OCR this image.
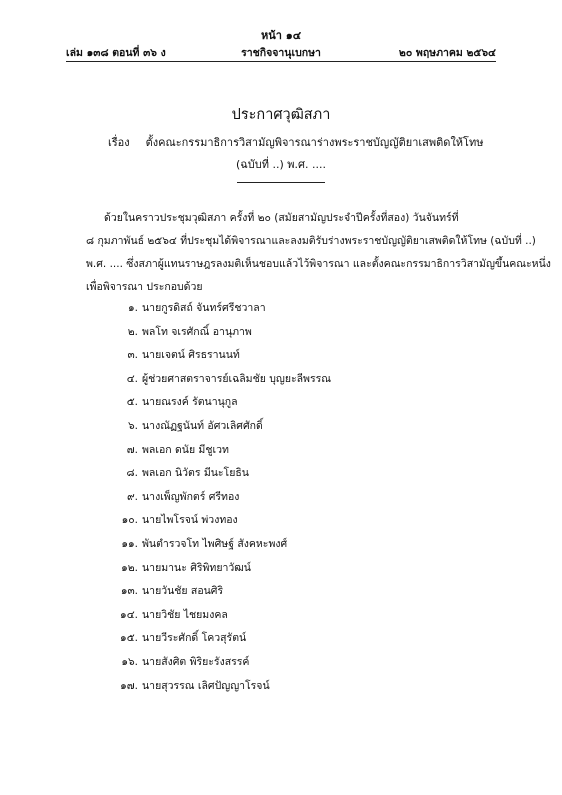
หน้า ๑๔
ราชกิจจานุเบกษา
เล่ม ๑๓๘ ตอนที่ ๓๖ ง	๒๐ พฤษภาคม ๒๕๖๔
ประกาศวุฒิสภา
เรื่อง ตั้งคณะกรรมาธิการวิสามัญพิจารณาร่างพระราชบัญญัติยาเสพติดให้โทษ
(ฉบับที่ ..) พ.ศ. ....
ด้วยในคราวประชุมวุฒิสภา ครั้งที่ ๒๐ (สมัยสามัญประจำปีครั้งที่สอง) วันจันทร์ที่
๘ กุมภาพันธ์ ๒๕๖๔ ที่ประชุมได้พิจารณาและลงมติรับร่างพระราชบัญญัติยาเสพติดให้โทษ (ฉบับที่ ..)
พ.ศ. .... ซึ่งสภาผู้แทนราษฎรลงมติเห็นชอบแล้วไว้พิจารณา และตั้งคณะกรรมาธิการวิสามัญขึ้นคณะหนึ่ง
เพื่อพิจารณา ประกอบด้วย
๑. นายกูรดิสถ์ จันทร์ศรีชวาลา
๒. พลโท จเรศักณิ์ อานุภาพ
๓. นายเจตน์ ศิรธรานนท์
๔. ผู้ช่วยศาสตราจารย์เฉลิมชัย บุญยะลีพรรณ
๕. นายณรงค์ รัตนานุกูล
๖. นางณัฏฐนันท์ อัศวเลิศศักดิ์
๗. พลเอก ดนัย มีชูเวท
๘. พลเอก นิวัตร มีนะโยธิน
๙. นางเพ็ญพักตร์ ศรีทอง
๑๐. นายไพโรจน์ พ่วงทอง
๑๑. พันตำรวจโท ไพศิษฐ์ สังคหะพงศ์
๑๒. นายมานะ ศิริพิทยาวัฒน์
๑๓. นายวันชัย สอนศิริ
๑๔. นายวิชัย ไชยมงคล
๑๕. นายวีระศักดิ์ โควสุรัตน์
๑๖. นายสังศิต พิริยะรังสรรค์
๑๗. นายสุวรรณ เลิศปัญญาโรจน์
